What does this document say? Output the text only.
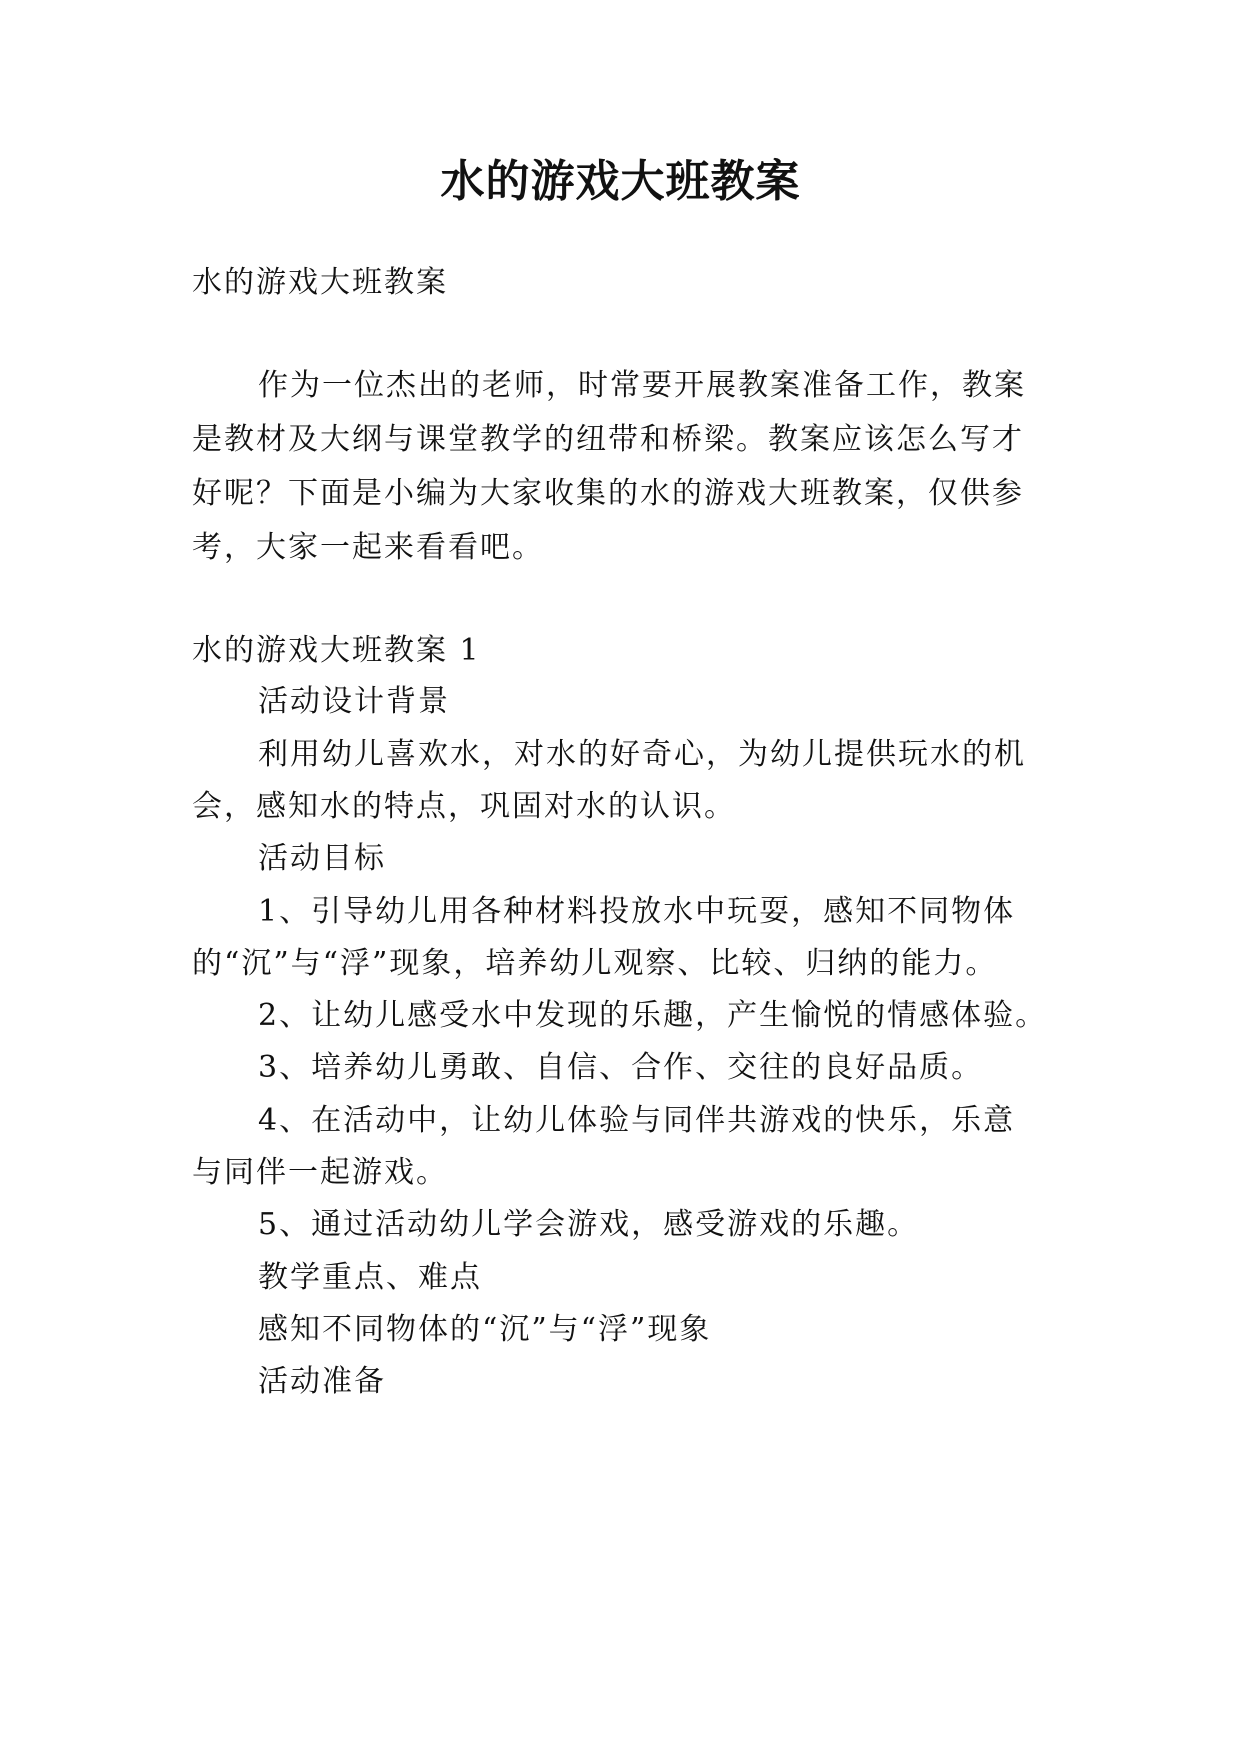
水的游戏大班教案

水的游戏大班教案

作为一位杰出的老师，时常要开展教案准备工作，教案

是教材及大纲与课堂教学的纽带和桥梁。教案应该怎么写才

好呢？下面是小编为大家收集的水的游戏大班教案，仅供参

考，大家一起来看看吧。

水的游戏大班教案 1

活动设计背景

利用幼儿喜欢水，对水的好奇心，为幼儿提供玩水的机

会，感知水的特点，巩固对水的认识。

活动目标

1、引导幼儿用各种材料投放水中玩耍，感知不同物体

的“沉”与“浮”现象，培养幼儿观察、比较、归纳的能力。

2、让幼儿感受水中发现的乐趣，产生愉悦的情感体验。

3、培养幼儿勇敢、自信、合作、交往的良好品质。

4、在活动中，让幼儿体验与同伴共游戏的快乐，乐意

与同伴一起游戏。

5、通过活动幼儿学会游戏，感受游戏的乐趣。

教学重点、难点

感知不同物体的“沉”与“浮”现象

活动准备
